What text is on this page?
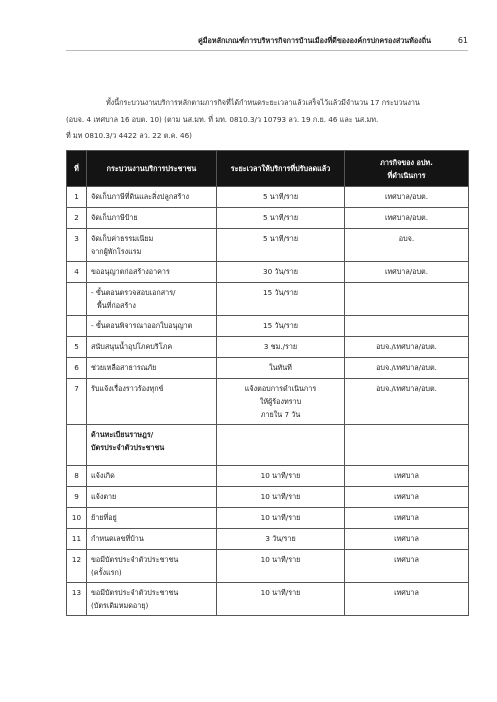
คู่มือหลักเกณฑ์การบริหารกิจการบ้านเมืองที่ดีขององค์กรปกครองส่วนท้องถิ่น	61
ทั้งนี้กระบวนงานบริการหลักตามภารกิจที่ได้กำหนดระยะเวลาแล้วเสร็จไว้แล้วมีจำนวน 17 กระบวนงาน
(อบจ. 4 เทศบาล 16 อบต. 10) (ตาม นส.มท. ที่ มท. 0810.3/ว 10793 ลว. 19 ก.ย. 46 และ นส.มท.
ที่ มท 0810.3/ว 4422 ลว. 22 ต.ค. 46)
ที่	กระบวนงานบริการประชาชน	ระยะเวลาให้บริการที่ปรับลดแล้ว	ภารกิจของ อปท.
ที่ดำเนินการ

1	จัดเก็บภาษีที่ดินและสิ่งปลูกสร้าง	5 นาที/ราย	เทศบาล/อบต.
2	จัดเก็บภาษีป้าย	5 นาที/ราย	เทศบาล/อบต.
3	จัดเก็บค่าธรรมเนียม
จากผู้พักโรงแรม	5 นาที/ราย	อบจ.
4	ขออนุญาตก่อสร้างอาคาร	30 วัน/ราย	เทศบาล/อบต.

	- ขั้นตอนตรวจสอบเอกสาร/
พื้นที่ก่อสร้าง	15 วัน/ราย	
	- ขั้นตอนพิจารณาออกใบอนุญาต	15 วัน/ราย	
5	สนับสนุนน้ำอุปโภคบริโภค	3 ชม./ราย	อบจ./เทศบาล/อบต.
6	ช่วยเหลือสาธารณภัย	ในทันที	อบจ./เทศบาล/อบต.
7	รับแจ้งเรื่องราวร้องทุกข์	แจ้งตอบการดำเนินการ
ให้ผู้ร้องทราบ
ภายใน 7 วัน	อบจ./เทศบาล/อบต.

	ด้านทะเบียนราษฎร/
บัตรประจำตัวประชาชน		

8	แจ้งเกิด	10 นาที/ราย	เทศบาล
9	แจ้งตาย	10 นาที/ราย	เทศบาล
10	ย้ายที่อยู่	10 นาที/ราย	เทศบาล
11	กำหนดเลขที่บ้าน	3 วัน/ราย	เทศบาล
12	ขอมีบัตรประจำตัวประชาชน
(ครั้งแรก)	10 นาที/ราย	เทศบาล
13	ขอมีบัตรประจำตัวประชาชน
(บัตรเดิมหมดอายุ)	10 นาที/ราย	เทศบาล
